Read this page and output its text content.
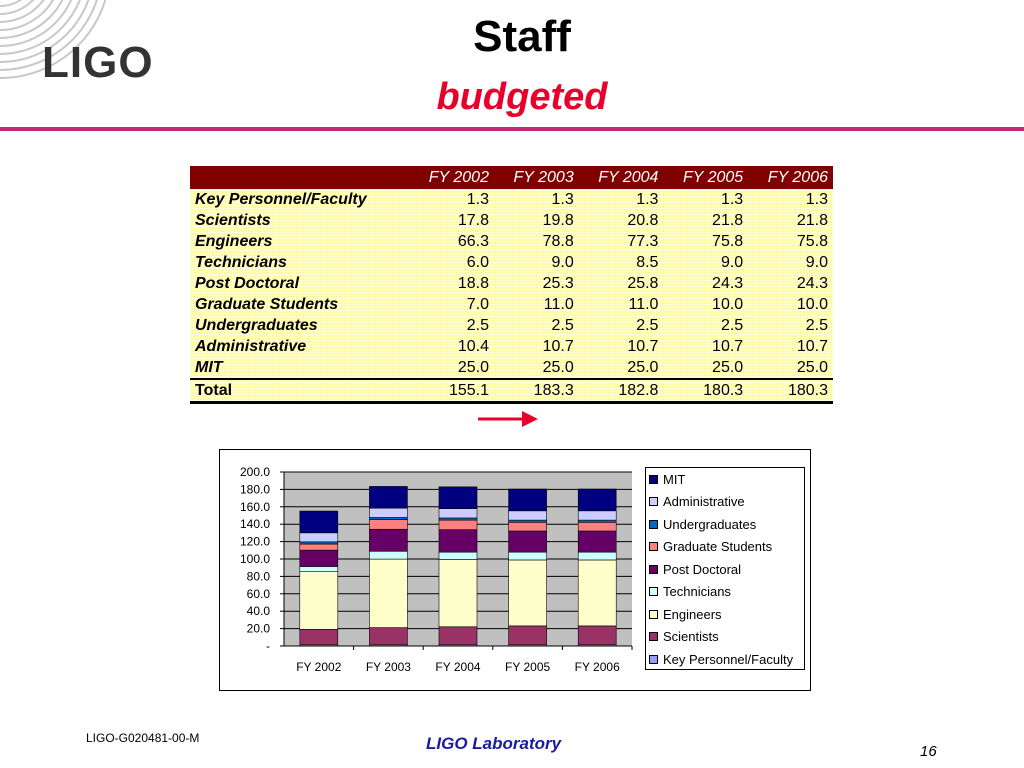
LIGO
Staff
budgeted
	FY 2002	FY 2003	FY 2004	FY 2005	FY 2006
Key Personnel/Faculty	1.3	1.3	1.3	1.3	1.3
Scientists	17.8	19.8	20.8	21.8	21.8
Engineers	66.3	78.8	77.3	75.8	75.8
Technicians	6.0	9.0	8.5	9.0	9.0
Post Doctoral	18.8	25.3	25.8	24.3	24.3
Graduate Students	7.0	11.0	11.0	10.0	10.0
Undergraduates	2.5	2.5	2.5	2.5	2.5
Administrative	10.4	10.7	10.7	10.7	10.7
MIT	25.0	25.0	25.0	25.0	25.0
Total	155.1	183.3	182.8	180.3	180.3
-
20.0
40.0
60.0
80.0
100.0
120.0
140.0
160.0
180.0
200.0
FY 2002 FY 2003 FY 2004 FY 2005 FY 2006
MIT
Administrative
Undergraduates
Graduate Students
Post Doctoral
Technicians
Engineers
Scientists
Key Personnel/Faculty
LIGO-G020481-00-M	LIGO Laboratory	16
